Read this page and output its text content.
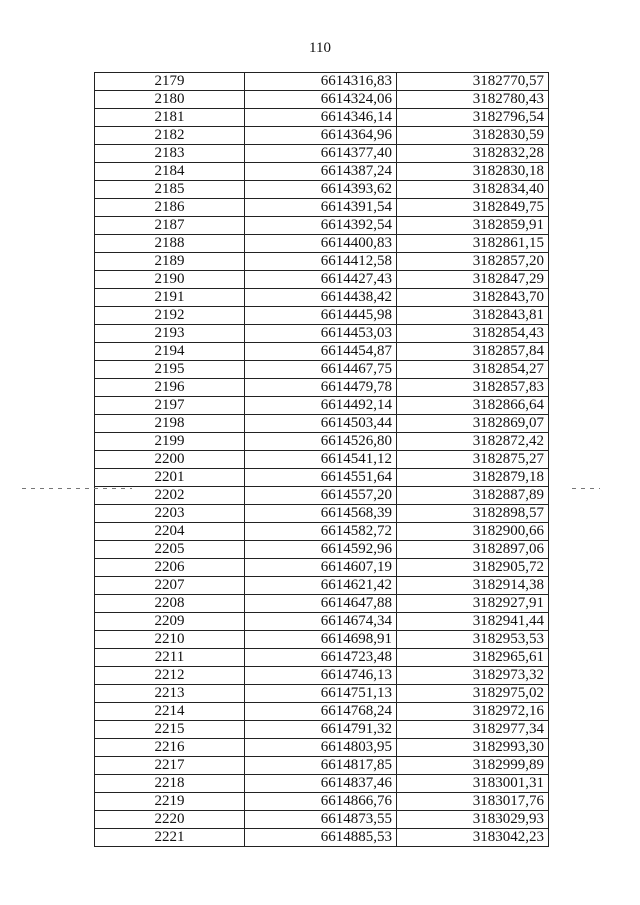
110
2179	6614316,83	3182770,57
2180	6614324,06	3182780,43
2181	6614346,14	3182796,54
2182	6614364,96	3182830,59
2183	6614377,40	3182832,28
2184	6614387,24	3182830,18
2185	6614393,62	3182834,40
2186	6614391,54	3182849,75
2187	6614392,54	3182859,91
2188	6614400,83	3182861,15
2189	6614412,58	3182857,20
2190	6614427,43	3182847,29
2191	6614438,42	3182843,70
2192	6614445,98	3182843,81
2193	6614453,03	3182854,43
2194	6614454,87	3182857,84
2195	6614467,75	3182854,27
2196	6614479,78	3182857,83
2197	6614492,14	3182866,64
2198	6614503,44	3182869,07
2199	6614526,80	3182872,42
2200	6614541,12	3182875,27
2201	6614551,64	3182879,18
2202	6614557,20	3182887,89
2203	6614568,39	3182898,57
2204	6614582,72	3182900,66
2205	6614592,96	3182897,06
2206	6614607,19	3182905,72
2207	6614621,42	3182914,38
2208	6614647,88	3182927,91
2209	6614674,34	3182941,44
2210	6614698,91	3182953,53
2211	6614723,48	3182965,61
2212	6614746,13	3182973,32
2213	6614751,13	3182975,02
2214	6614768,24	3182972,16
2215	6614791,32	3182977,34
2216	6614803,95	3182993,30
2217	6614817,85	3182999,89
2218	6614837,46	3183001,31
2219	6614866,76	3183017,76
2220	6614873,55	3183029,93
2221	6614885,53	3183042,23
